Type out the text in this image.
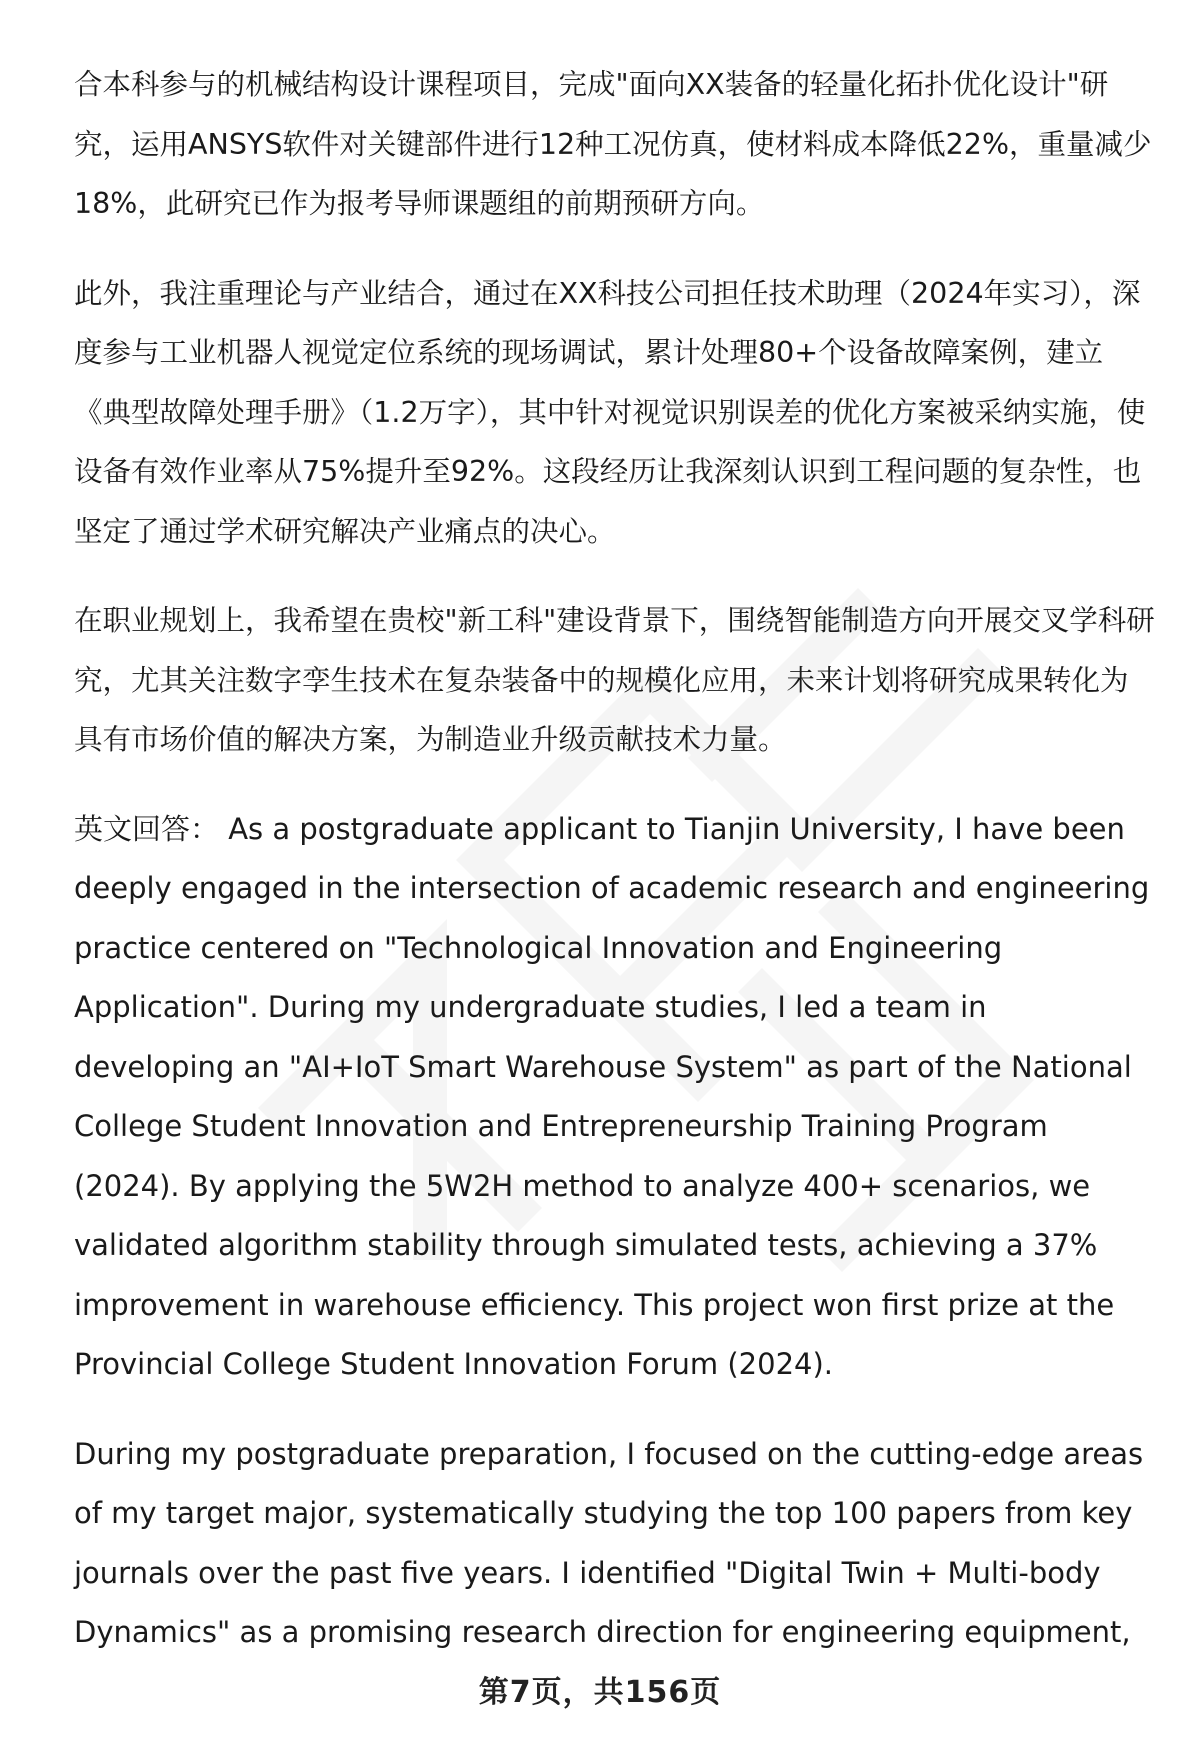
合本科参与的机械结构设计课程项目，完成"面向XX装备的轻量化拓扑优化设计"研究，运用ANSYS软件对关键部件进行12种工况仿真，使材料成本降低22%，重量减少18%，此研究已作为报考导师课题组的前期预研方向。

此外，我注重理论与产业结合，通过在XX科技公司担任技术助理（2024年实习），深度参与工业机器人视觉定位系统的现场调试，累计处理80+个设备故障案例，建立《典型故障处理手册》（1.2万字），其中针对视觉识别误差的优化方案被采纳实施，使设备有效作业率从75%提升至92%。这段经历让我深刻认识到工程问题的复杂性，也坚定了通过学术研究解决产业痛点的决心。

在职业规划上，我希望在贵校"新工科"建设背景下，围绕智能制造方向开展交叉学科研究，尤其关注数字孪生技术在复杂装备中的规模化应用，未来计划将研究成果转化为具有市场价值的解决方案，为制造业升级贡献技术力量。

英文回答： As a postgraduate applicant to Tianjin University, I have been deeply engaged in the intersection of academic research and engineering practice centered on "Technological Innovation and Engineering Application". During my undergraduate studies, I led a team in developing an "AI+IoT Smart Warehouse System" as part of the National College Student Innovation and Entrepreneurship Training Program (2024). By applying the 5W2H method to analyze 400+ scenarios, we validated algorithm stability through simulated tests, achieving a 37% improvement in warehouse efficiency. This project won first prize at the Provincial College Student Innovation Forum (2024).

During my postgraduate preparation, I focused on the cutting-edge areas of my target major, systematically studying the top 100 papers from key journals over the past five years. I identified "Digital Twin + Multi-body Dynamics" as a promising research direction for engineering equipment,

第7页，共156页
